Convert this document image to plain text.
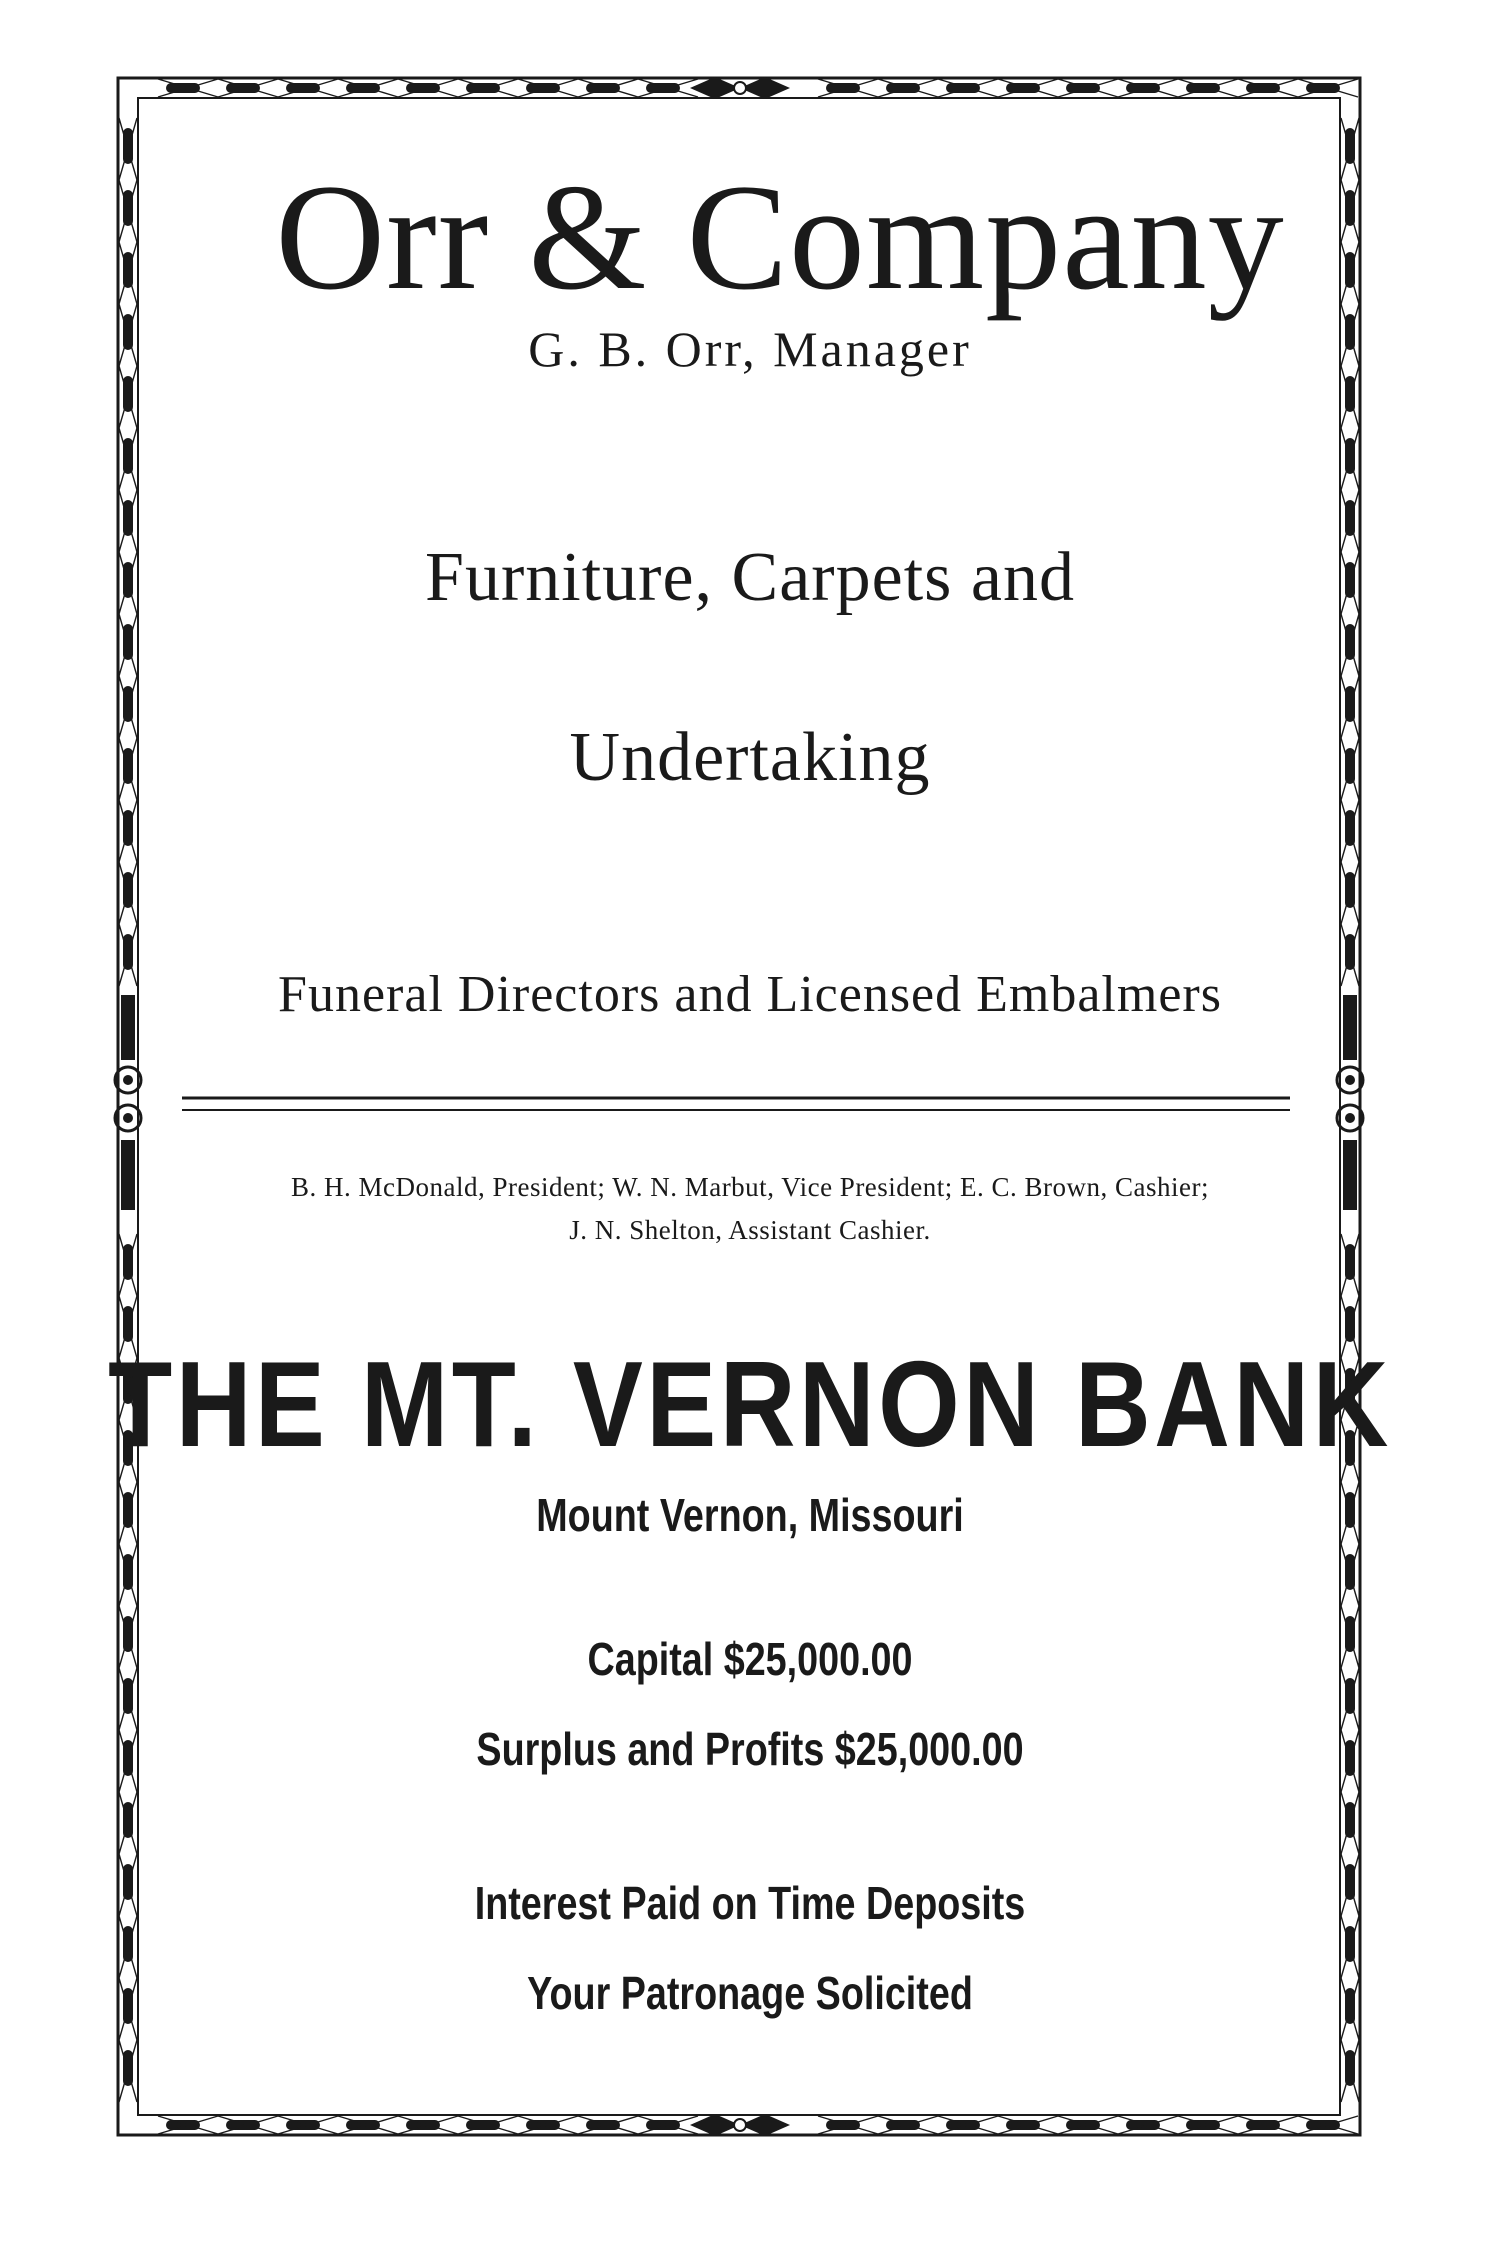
Orr & Company
G. B. Orr, Manager
Furniture, Carpets and
Undertaking
Funeral Directors and Licensed Embalmers
B. H. McDonald, President; W. N. Marbut, Vice President; E. C. Brown, Cashier;
J. N. Shelton, Assistant Cashier.
THE MT. VERNON BANK
Mount Vernon, Missouri
Capital $25,000.00
Surplus and Profits $25,000.00
Interest Paid on Time Deposits
Your Patronage Solicited
